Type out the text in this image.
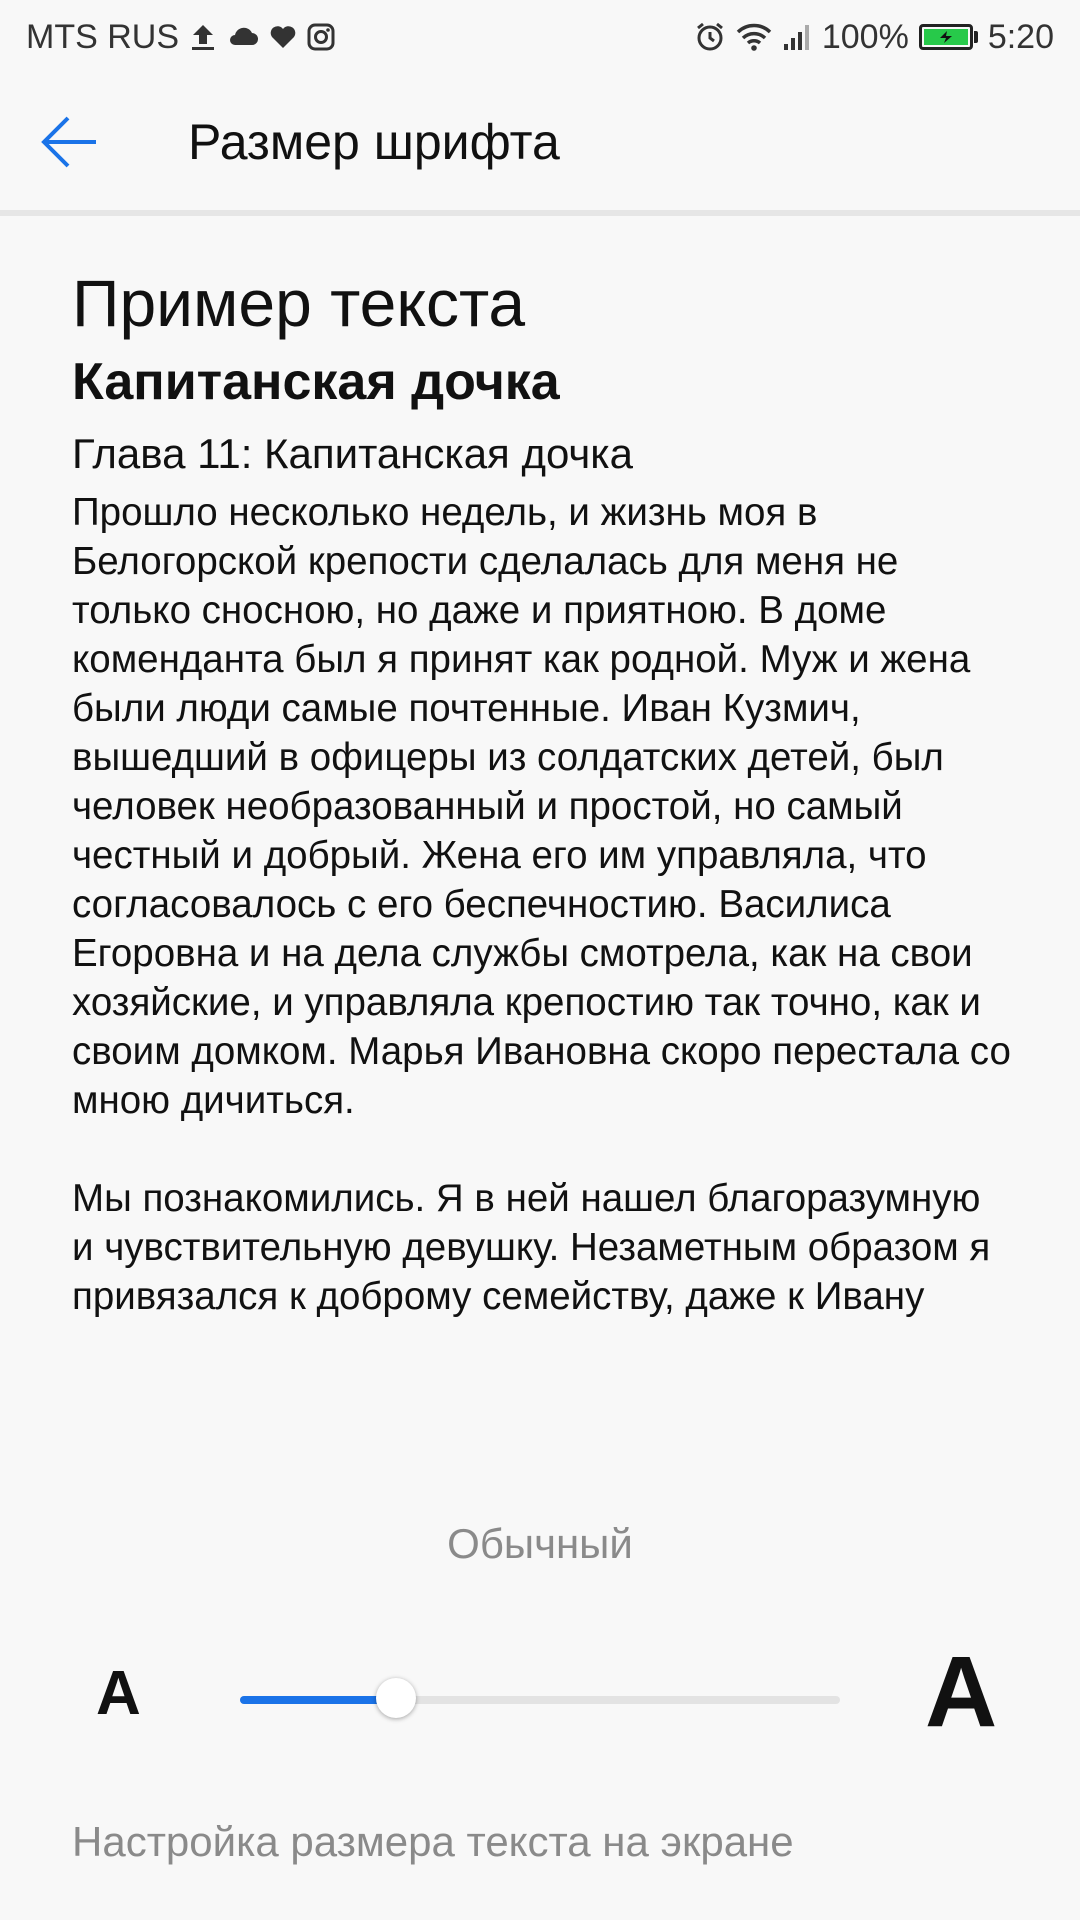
MTS RUS	100% 5:20
Размер шрифта
Пример текста
Капитанская дочка
Глава 11: Капитанская дочка
Прошло несколько недель, и жизнь моя в Белогорской крепости сделалась для меня не только сносною, но даже и приятною. В доме коменданта был я принят как родной. Муж и жена были люди самые почтенные. Иван Кузмич, вышедший в офицеры из солдатских детей, был человек необразованный и простой, но самый честный и добрый. Жена его им управляла, что согласовалось с его беспечностию. Василиса Егоровна и на дела службы смотрела, как на свои хозяйские, и управляла крепостию так точно, как и своим домком. Марья Ивановна скоро перестала со мною дичиться.
Мы познакомились. Я в ней нашел благоразумную и чувствительную девушку. Незаметным образом я привязался к доброму семейству, даже к Ивану
Обычный
A	A
Настройка размера текста на экране
